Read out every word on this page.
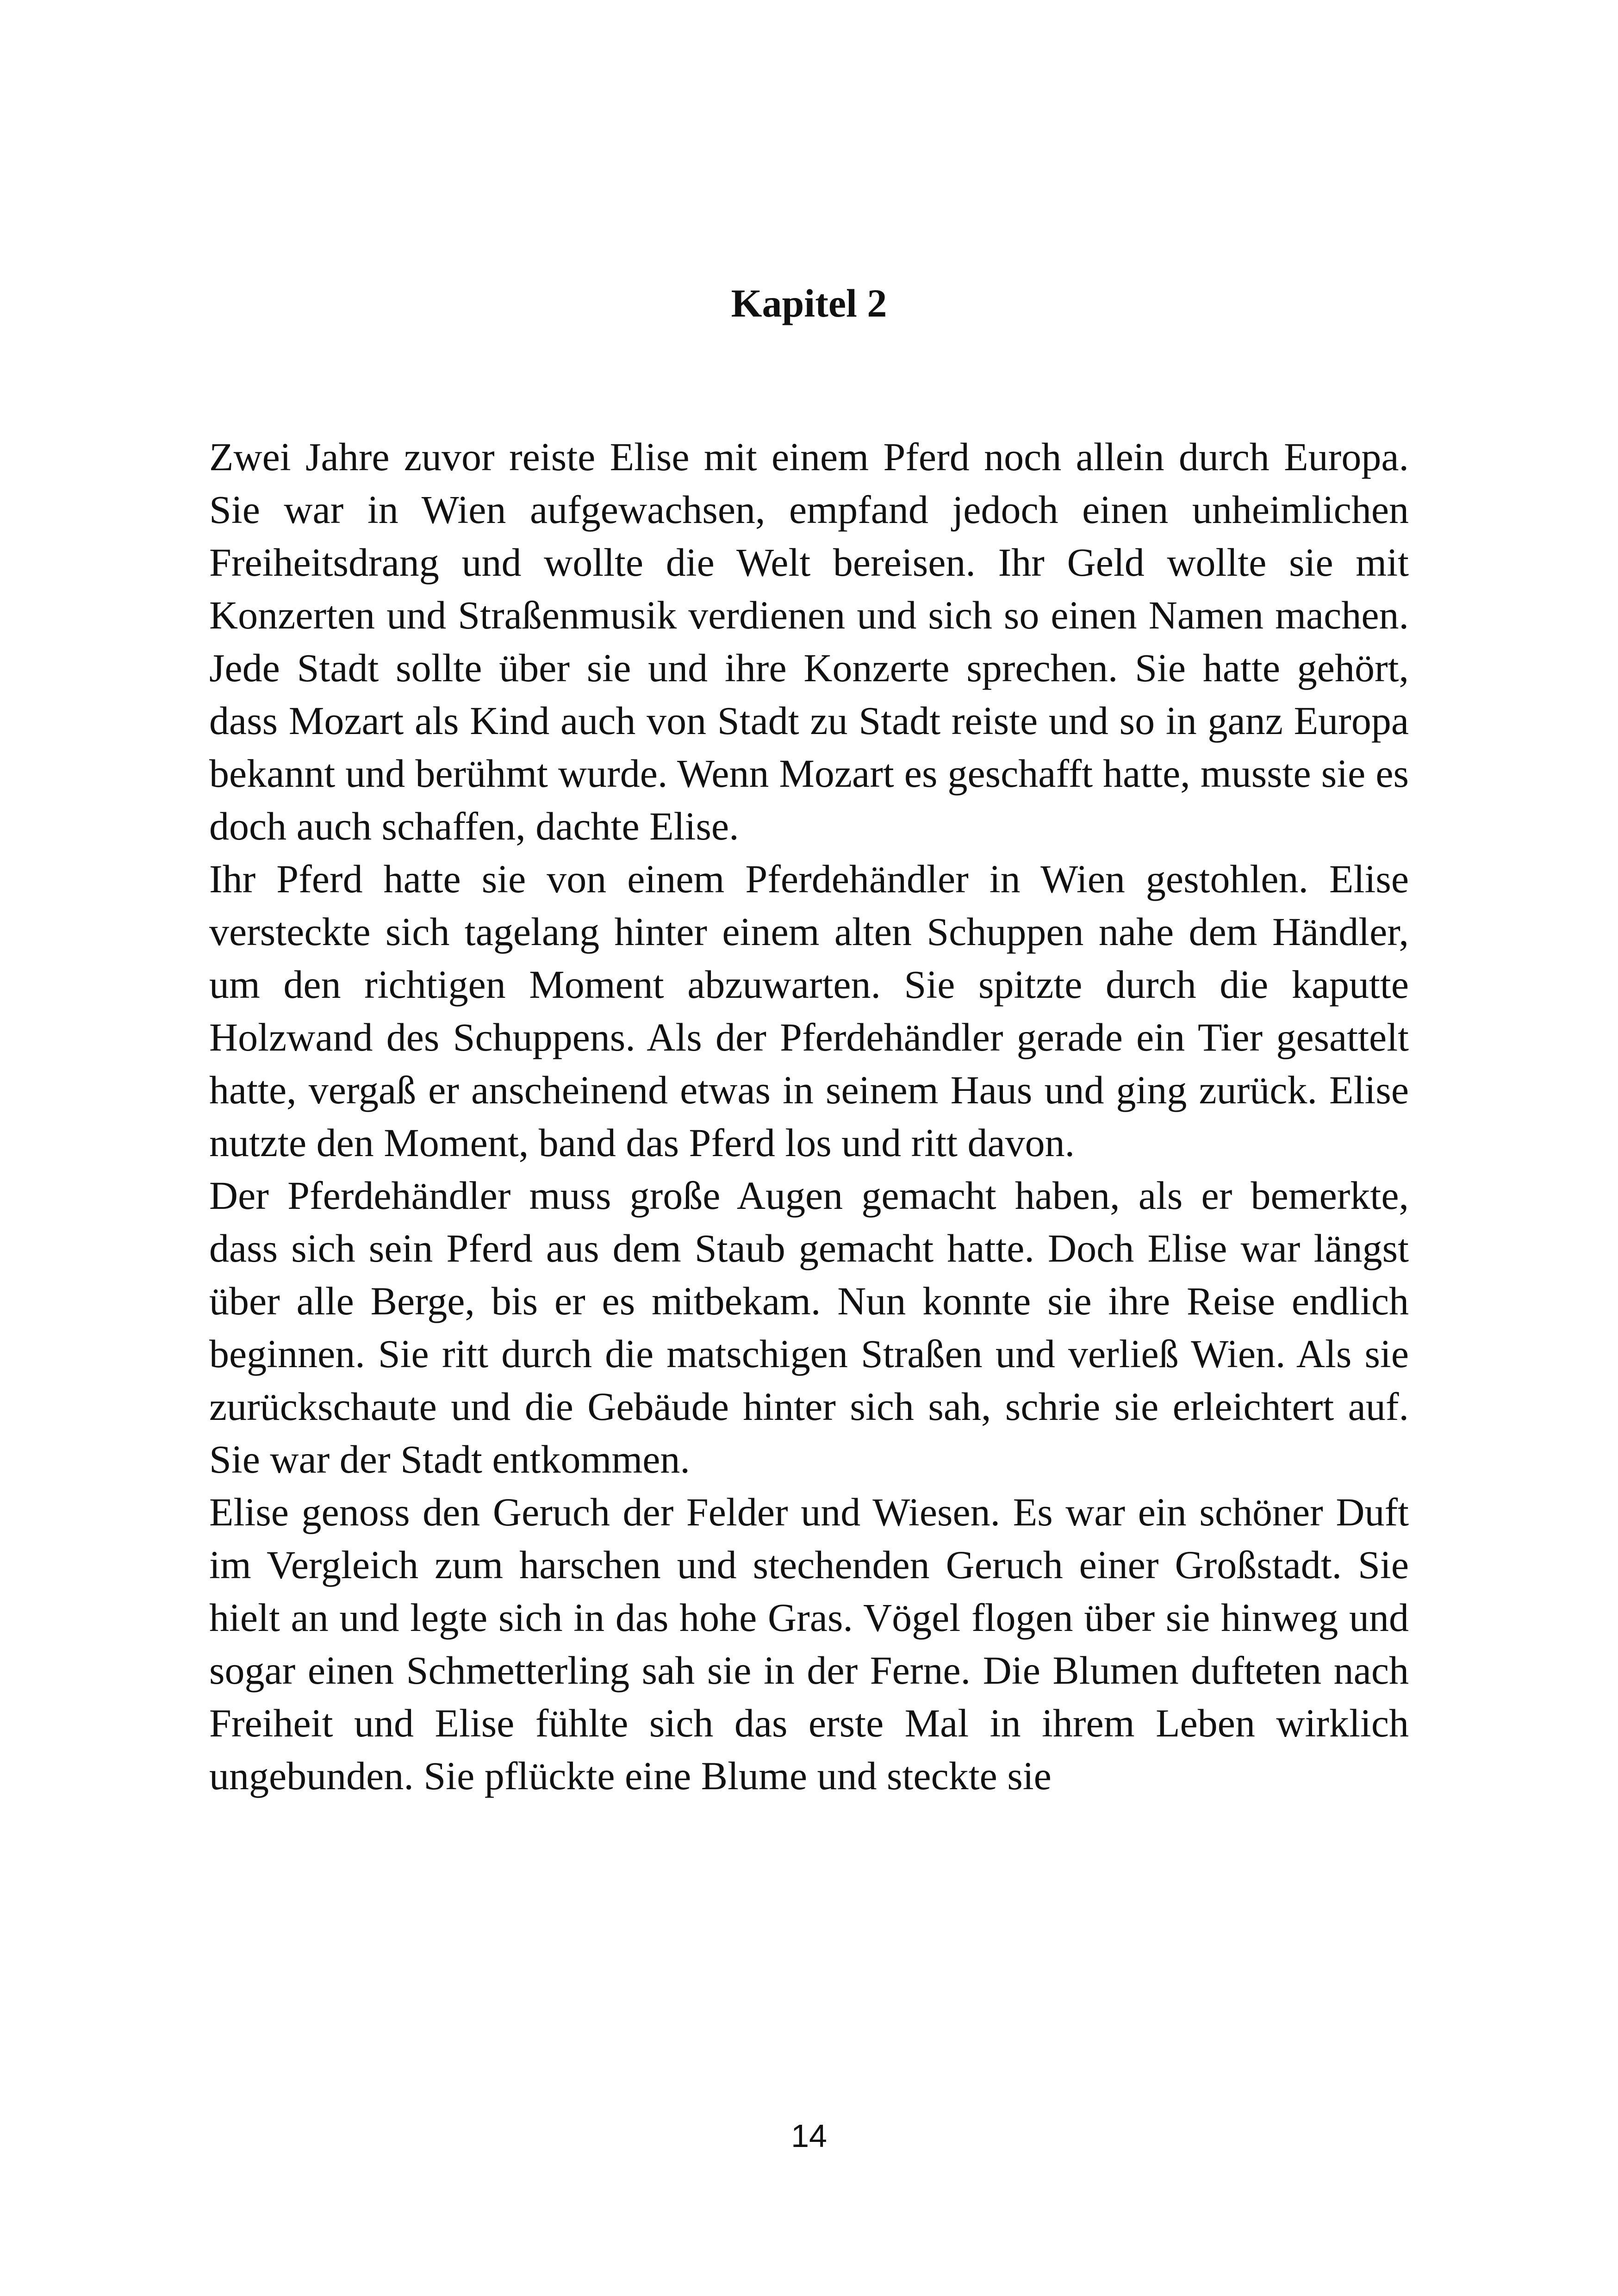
Kapitel 2

Zwei Jahre zuvor reiste Elise mit einem Pferd noch allein durch Europa. Sie war in Wien aufgewachsen, empfand jedoch einen unheimlichen Freiheitsdrang und wollte die Welt bereisen. Ihr Geld wollte sie mit Konzerten und Straßenmusik verdienen und sich so einen Namen machen. Jede Stadt sollte über sie und ihre Konzerte sprechen. Sie hatte gehört, dass Mozart als Kind auch von Stadt zu Stadt reiste und so in ganz Europa bekannt und berühmt wurde. Wenn Mozart es geschafft hatte, musste sie es doch auch schaffen, dachte Elise.

Ihr Pferd hatte sie von einem Pferdehändler in Wien gestohlen. Elise versteckte sich tagelang hinter einem alten Schuppen nahe dem Händler, um den richtigen Moment abzuwarten. Sie spitzte durch die kaputte Holzwand des Schuppens. Als der Pferdehändler gerade ein Tier gesattelt hatte, vergaß er anscheinend etwas in seinem Haus und ging zurück. Elise nutzte den Moment, band das Pferd los und ritt davon.

Der Pferdehändler muss große Augen gemacht haben, als er bemerkte, dass sich sein Pferd aus dem Staub gemacht hatte. Doch Elise war längst über alle Berge, bis er es mitbekam. Nun konnte sie ihre Reise endlich beginnen. Sie ritt durch die matschigen Straßen und verließ Wien. Als sie zurückschaute und die Gebäude hinter sich sah, schrie sie erleichtert auf. Sie war der Stadt entkommen.

Elise genoss den Geruch der Felder und Wiesen. Es war ein schöner Duft im Vergleich zum harschen und stechenden Geruch einer Großstadt. Sie hielt an und legte sich in das hohe Gras. Vögel flogen über sie hinweg und sogar einen Schmetterling sah sie in der Ferne. Die Blumen dufteten nach Freiheit und Elise fühlte sich das erste Mal in ihrem Leben wirklich ungebunden. Sie pflückte eine Blume und steckte sie

14
